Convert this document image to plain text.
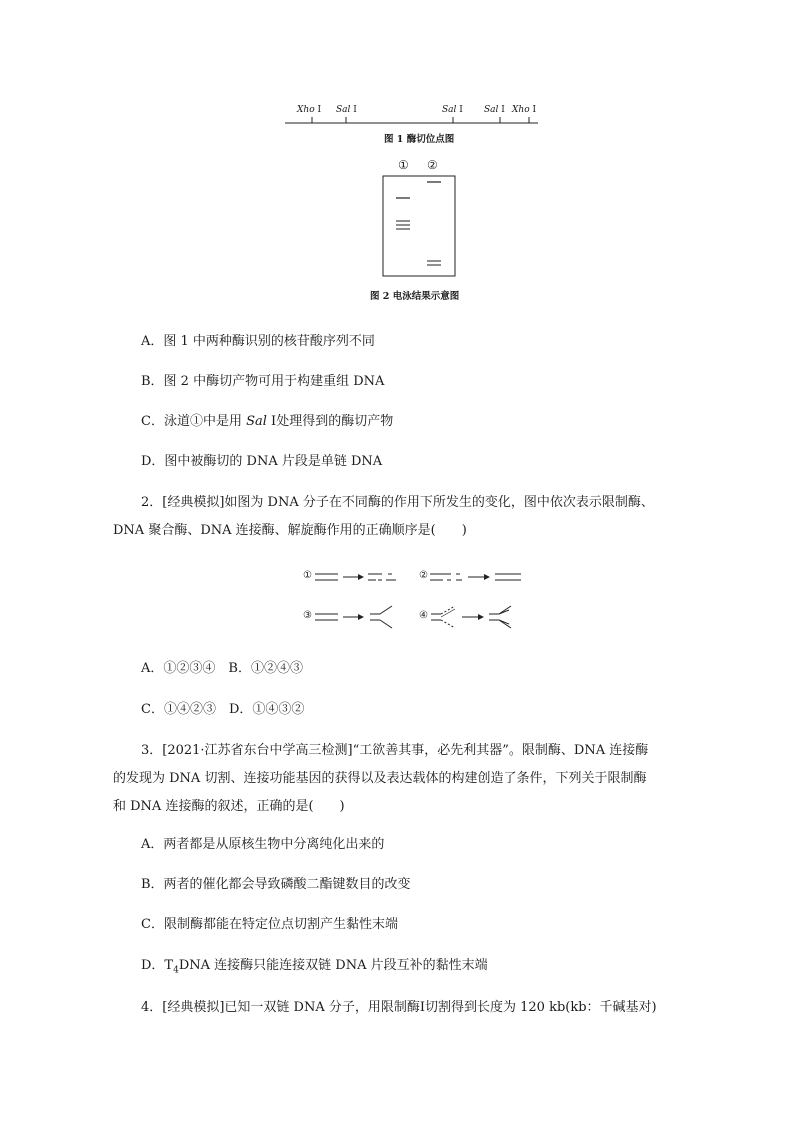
Xho Ⅰ Sal Ⅰ	Sal Ⅰ Sal Ⅰ Xho Ⅰ
图 1 酶切位点图
① ②
图 2 电泳结果示意图
A．图 1 中两种酶识别的核苷酸序列不同
B．图 2 中酶切产物可用于构建重组 DNA
C．泳道①中是用 Sal Ⅰ处理得到的酶切产物
D．图中被酶切的 DNA 片段是单链 DNA
2．[经典模拟]如图为 DNA 分子在不同酶的作用下所发生的变化，图中依次表示限制酶、
DNA 聚合酶、DNA 连接酶、解旋酶作用的正确顺序是(　　)
①	②
③	④
A．①②③④　B．①②④③
C．①④②③　D．①④③②
3．[2021·江苏省东台中学高三检测]“工欲善其事，必先利其器”。限制酶、DNA 连接酶
的发现为 DNA 切割、连接功能基因的获得以及表达载体的构建创造了条件，下列关于限制酶
和 DNA 连接酶的叙述，正确的是(　　)
A．两者都是从原核生物中分离纯化出来的
B．两者的催化都会导致磷酸二酯键数目的改变
C．限制酶都能在特定位点切割产生黏性末端
D．$T_4DNA$ 连接酶只能连接双链 DNA 片段互补的黏性末端
4．[经典模拟]已知一双链 DNA 分子，用限制酶Ⅰ切割得到长度为 120 kb(kb：千碱基对)
